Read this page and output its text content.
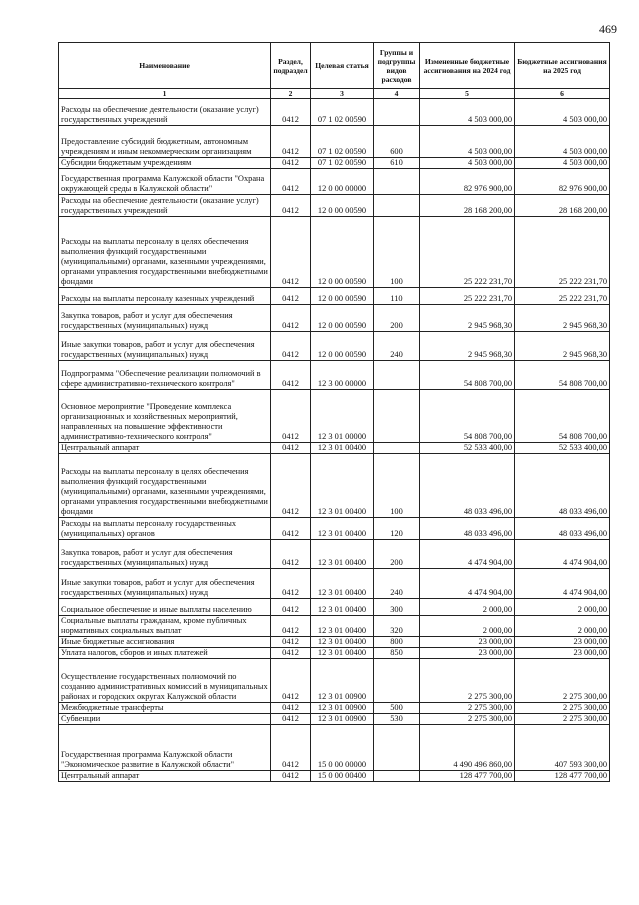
469
Наименование	Раздел, подраздел	Целевая статья	Группы и подгруппы видов расходов	Измененные бюджетные ассигнования на 2024 год	Бюджетные ассигнования на 2025 год
1	2	3	4	5	6
Расходы на обеспечение деятельности (оказание услуг) государственных учреждений	0412	07 1 02 00590		4 503 000,00	4 503 000,00
Предоставление субсидий бюджетным, автономным учреждениям и иным некоммерческим организациям	0412	07 1 02 00590	600	4 503 000,00	4 503 000,00
Субсидии бюджетным учреждениям	0412	07 1 02 00590	610	4 503 000,00	4 503 000,00
Государственная программа Калужской области "Охрана окружающей среды в Калужской области"	0412	12 0 00 00000		82 976 900,00	82 976 900,00
Расходы на обеспечение деятельности (оказание услуг) государственных учреждений	0412	12 0 00 00590		28 168 200,00	28 168 200,00
Расходы на выплаты персоналу в целях обеспечения выполнения функций государственными (муниципальными) органами, казенными учреждениями, органами управления государственными внебюджетными фондами	0412	12 0 00 00590	100	25 222 231,70	25 222 231,70
Расходы на выплаты персоналу казенных учреждений	0412	12 0 00 00590	110	25 222 231,70	25 222 231,70
Закупка товаров, работ и услуг для обеспечения государственных (муниципальных) нужд	0412	12 0 00 00590	200	2 945 968,30	2 945 968,30
Иные закупки товаров, работ и услуг для обеспечения государственных (муниципальных) нужд	0412	12 0 00 00590	240	2 945 968,30	2 945 968,30
Подпрограмма "Обеспечение реализации полномочий в сфере административно-технического контроля"	0412	12 3 00 00000		54 808 700,00	54 808 700,00
Основное мероприятие "Проведение комплекса организационных и хозяйственных мероприятий, направленных на повышение эффективности административно-технического контроля"	0412	12 3 01 00000		54 808 700,00	54 808 700,00
Центральный аппарат	0412	12 3 01 00400		52 533 400,00	52 533 400,00
Расходы на выплаты персоналу в целях обеспечения выполнения функций государственными (муниципальными) органами, казенными учреждениями, органами управления государственными внебюджетными фондами	0412	12 3 01 00400	100	48 033 496,00	48 033 496,00
Расходы на выплаты персоналу государственных (муниципальных) органов	0412	12 3 01 00400	120	48 033 496,00	48 033 496,00
Закупка товаров, работ и услуг для обеспечения государственных (муниципальных) нужд	0412	12 3 01 00400	200	4 474 904,00	4 474 904,00
Иные закупки товаров, работ и услуг для обеспечения государственных (муниципальных) нужд	0412	12 3 01 00400	240	4 474 904,00	4 474 904,00
Социальное обеспечение и иные выплаты населению	0412	12 3 01 00400	300	2 000,00	2 000,00
Социальные выплаты гражданам, кроме публичных нормативных социальных выплат	0412	12 3 01 00400	320	2 000,00	2 000,00
Иные бюджетные ассигнования	0412	12 3 01 00400	800	23 000,00	23 000,00
Уплата налогов, сборов и иных платежей	0412	12 3 01 00400	850	23 000,00	23 000,00
Осуществление государственных полномочий по созданию административных комиссий в муниципальных районах и городских округах Калужской области	0412	12 3 01 00900		2 275 300,00	2 275 300,00
Межбюджетные трансферты	0412	12 3 01 00900	500	2 275 300,00	2 275 300,00
Субвенции	0412	12 3 01 00900	530	2 275 300,00	2 275 300,00
Государственная программа Калужской области "Экономическое развитие в Калужской области"	0412	15 0 00 00000		4 490 496 860,00	407 593 300,00
Центральный аппарат	0412	15 0 00 00400		128 477 700,00	128 477 700,00
